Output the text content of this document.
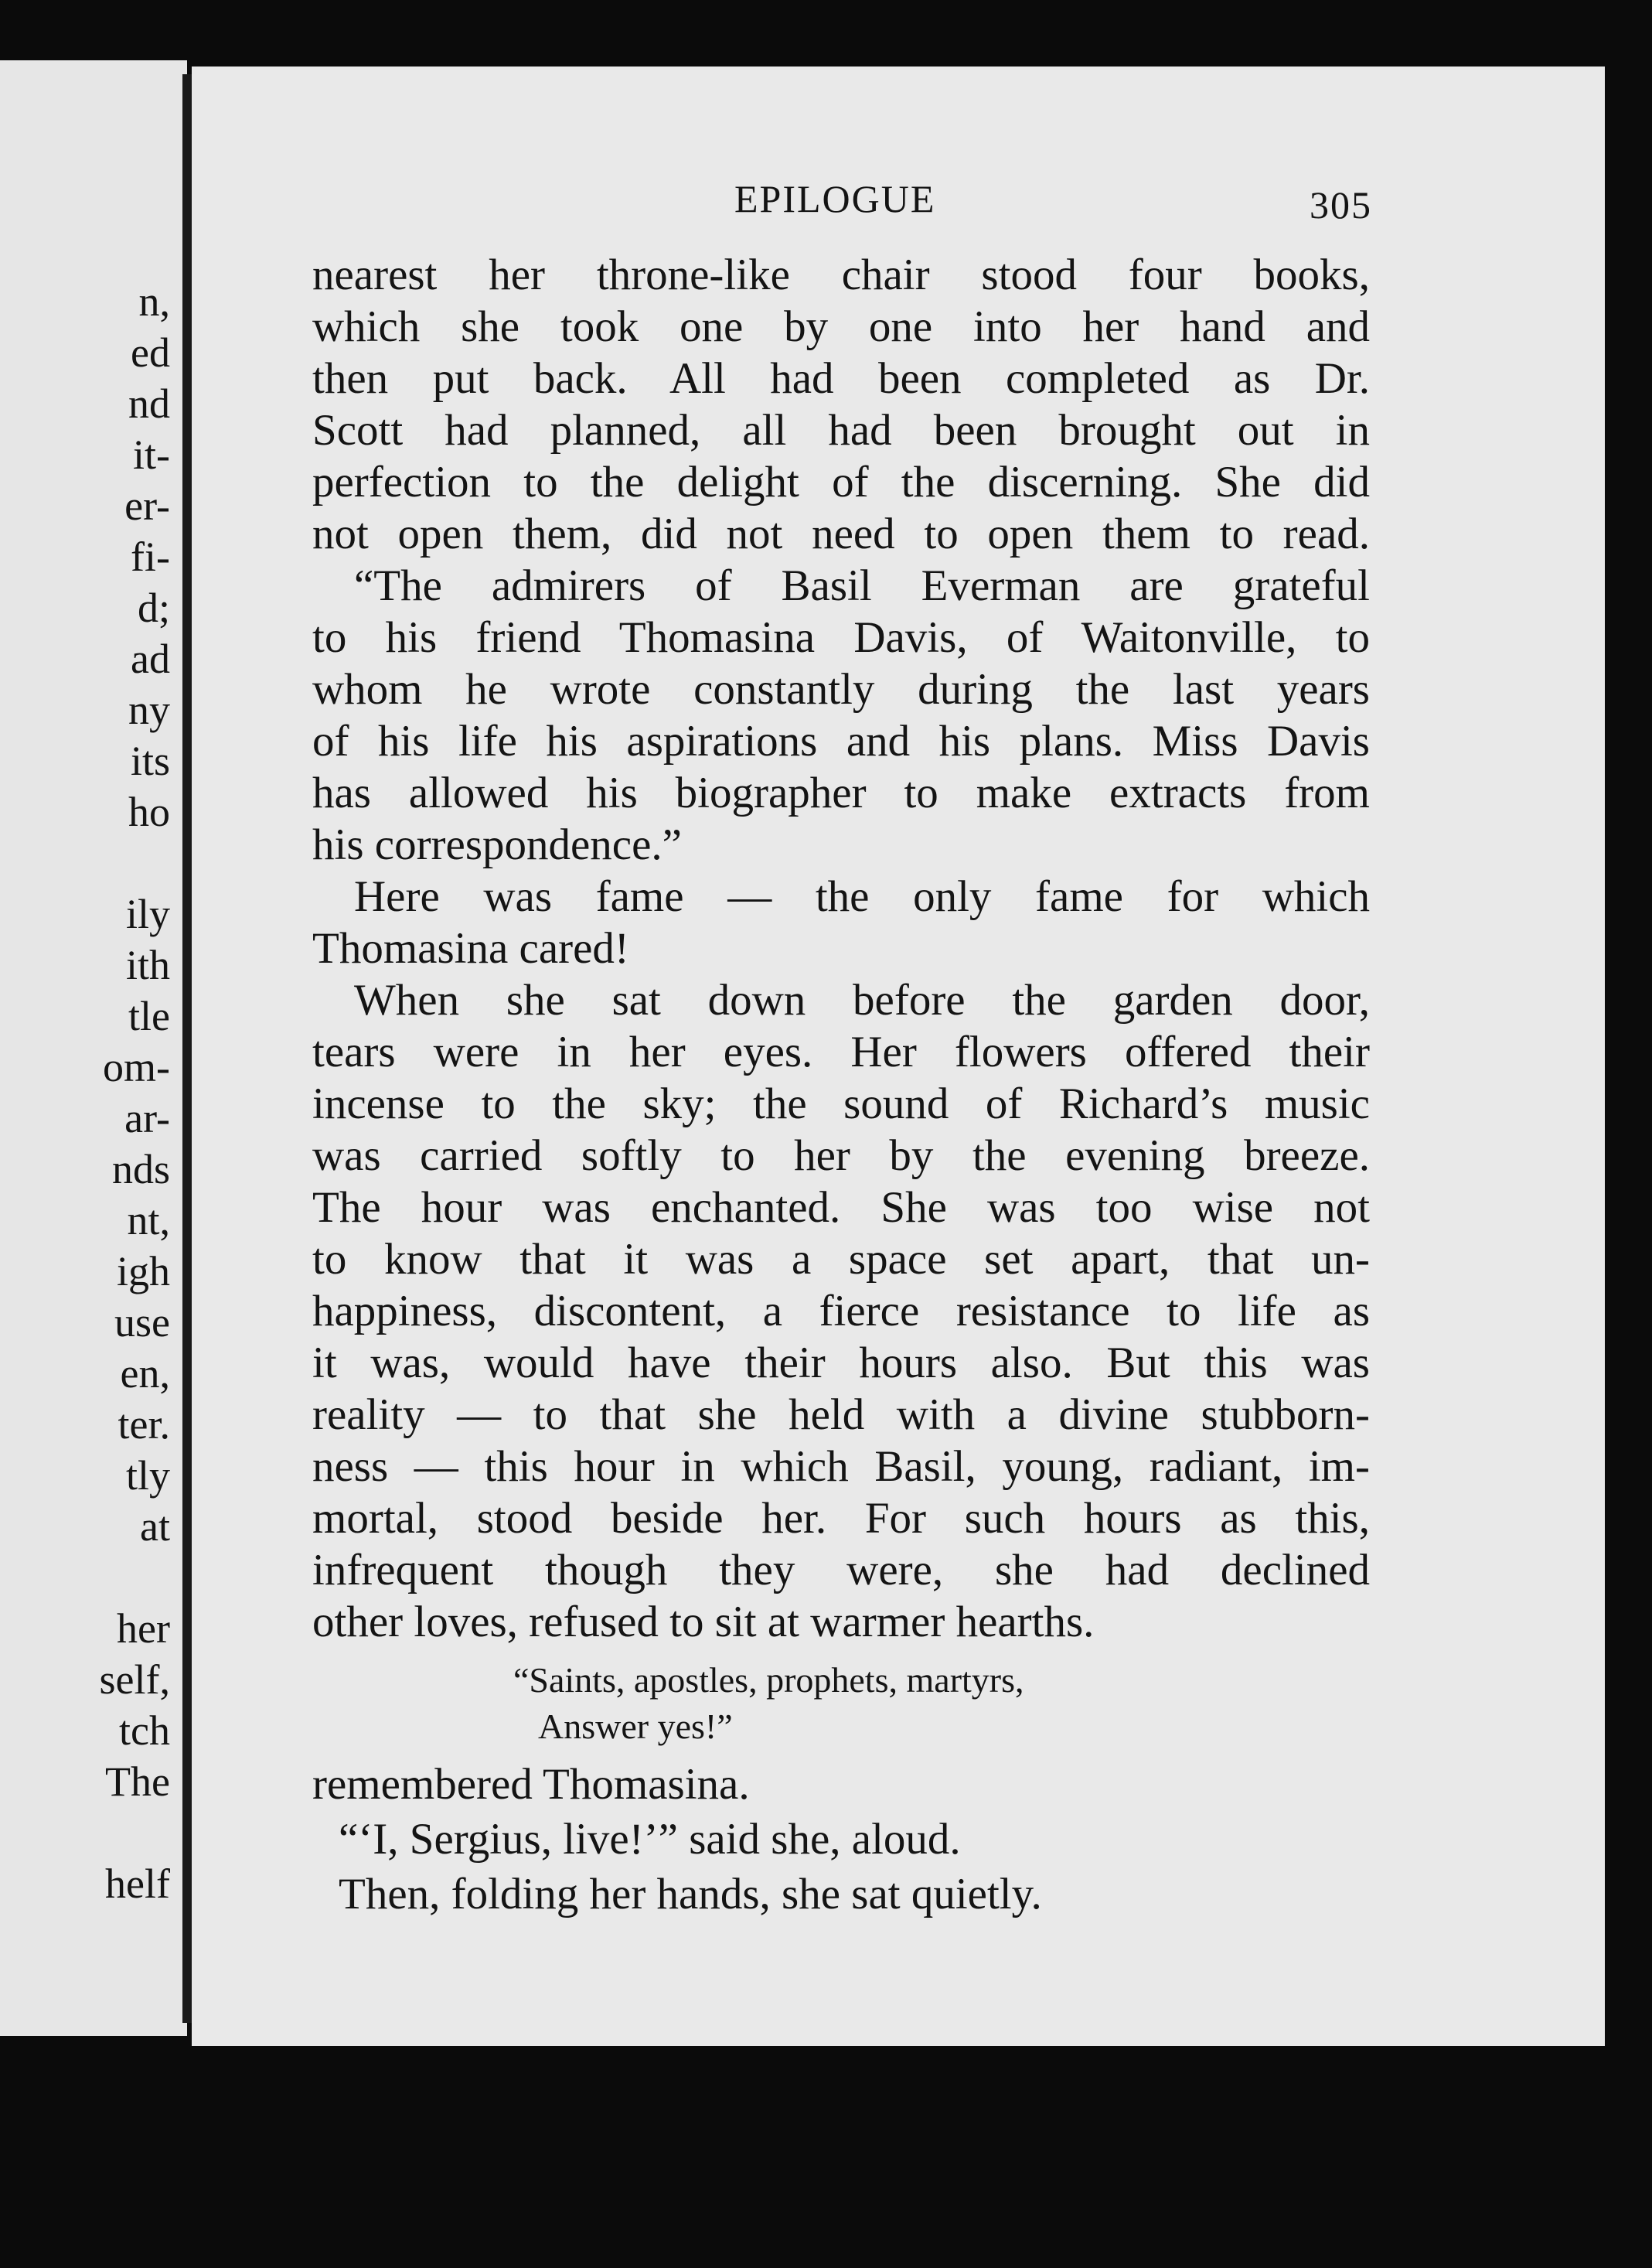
n,
ed
nd
it-
er-
fi-
d;
ad
ny
its
ho
ily
ith
tle
om-
ar-
nds
nt,
igh
use
en,
ter.
tly
at
her
self,
tch
The
helf
EPILOGUE	305
nearest her throne-like chair stood four books,
which she took one by one into her hand and
then put back. All had been completed as Dr.
Scott had planned, all had been brought out in
perfection to the delight of the discerning. She did
not open them, did not need to open them to read.
“The admirers of Basil Everman are grateful
to his friend Thomasina Davis, of Waitonville, to
whom he wrote constantly during the last years
of his life his aspirations and his plans. Miss Davis
has allowed his biographer to make extracts from
his correspondence.”
Here was fame — the only fame for which
Thomasina cared!
When she sat down before the garden door,
tears were in her eyes. Her flowers offered their
incense to the sky; the sound of Richard’s music
was carried softly to her by the evening breeze.
The hour was enchanted. She was too wise not
to know that it was a space set apart, that un-
happiness, discontent, a fierce resistance to life as
it was, would have their hours also. But this was
reality — to that she held with a divine stubborn-
ness — this hour in which Basil, young, radiant, im-
mortal, stood beside her. For such hours as this,
infrequent though they were, she had declined
other loves, refused to sit at warmer hearths.
“Saints, apostles, prophets, martyrs,
Answer yes!”
remembered Thomasina.
“‘I, Sergius, live!’” said she, aloud.
Then, folding her hands, she sat quietly.
